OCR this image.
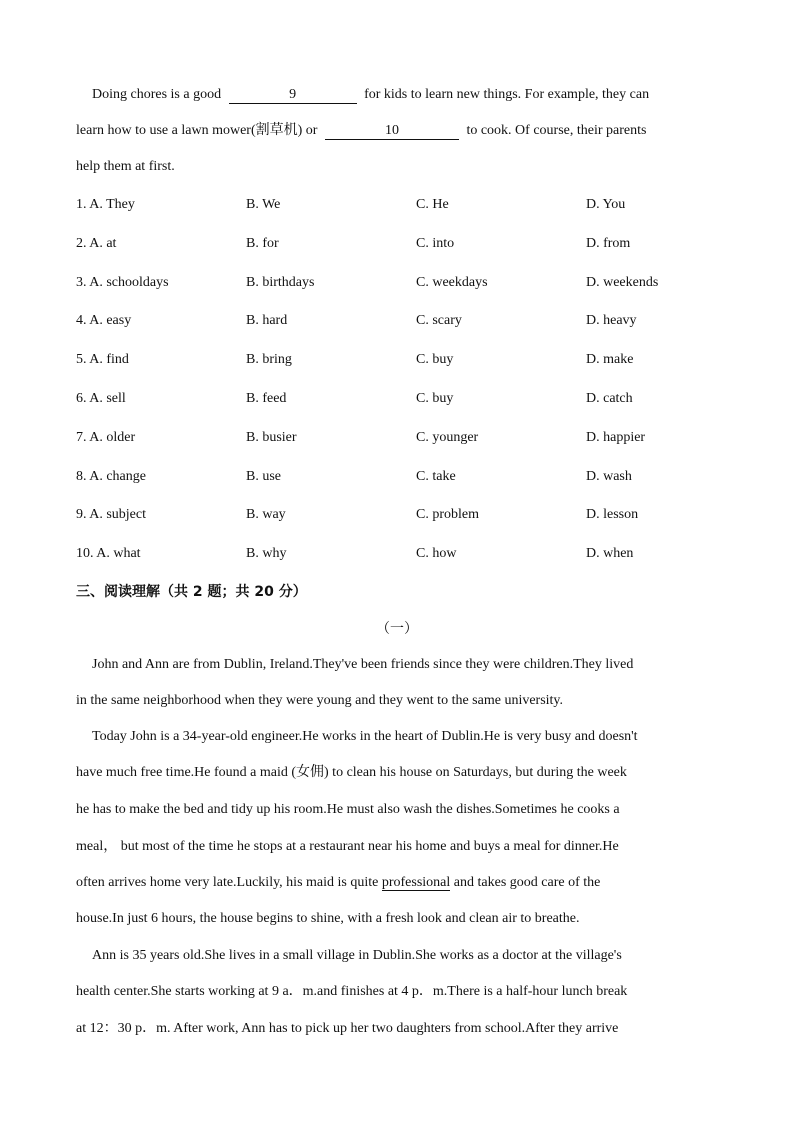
Doing chores is a good	9	for kids to learn new things. For example, they can
learn how to use a lawn mower(割草机) or	10	to cook. Of course, their parents
help them at first.
1. A. They	B. We	C. He	D. You
2. A. at	B. for	C. into	D. from
3. A. schooldays	B. birthdays	C. weekdays	D. weekends
4. A. easy	B. hard	C. scary	D. heavy
5. A. find	B. bring	C. buy	D. make
6. A. sell	B. feed	C. buy	D. catch
7. A. older	B. busier	C. younger	D. happier
8. A. change	B. use	C. take	D. wash
9. A. subject	B. way	C. problem	D. lesson
10. A. what	B. why	C. how	D. when
三、阅读理解（共 2 题；共 20 分）
（一）
John and Ann are from Dublin, Ireland.They've been friends since they were children.They lived
in the same neighborhood when they were young and they went to the same university.
Today John is a 34-year-old engineer.He works in the heart of Dublin.He is very busy and doesn't
have much free time.He found a maid (女佣) to clean his house on Saturdays, but during the week
he has to make the bed and tidy up his room.He must also wash the dishes.Sometimes he cooks a
meal， but most of the time he stops at a restaurant near his home and buys a meal for dinner.He
often arrives home very late.Luckily, his maid is quite professional and takes good care of the
house.In just 6 hours, the house begins to shine, with a fresh look and clean air to breathe.
Ann is 35 years old.She lives in a small village in Dublin.She works as a doctor at the village's
health center.She starts working at 9 a．m.and finishes at 4 p．m.There is a half-hour lunch break
at 12：30 p．m. After work, Ann has to pick up her two daughters from school.After they arrive
